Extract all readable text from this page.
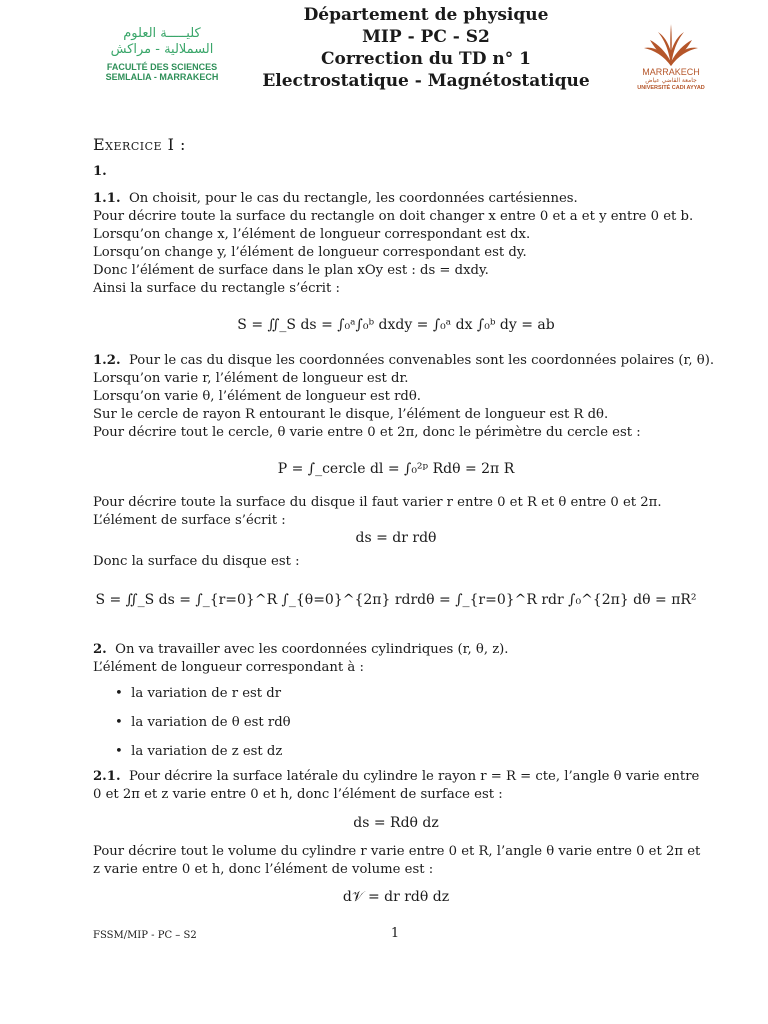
كليـــــة العلوم
السملالية - مراكش
FACULTÉ DES SCIENCES
SEMLALIA - MARRAKECH	MARRAKECH
جامعة القاضي عياض
UNIVERSITÉ CADI AYYAD
Département de physique
MIP - PC - S2
Correction du TD n° 1
Electrostatique - Magnétostatique
Exercice I :
1.
1.1. On choisit, pour le cas du rectangle, les coordonnées cartésiennes.
Pour décrire toute la surface du rectangle on doit changer x entre 0 et a et y entre 0 et b.
Lorsqu’on change x, l’élément de longueur correspondant est dx.
Lorsqu’on change y, l’élément de longueur correspondant est dy.
Donc l’élément de surface dans le plan xOy est : ds = dxdy.
Ainsi la surface du rectangle s’écrit :
S = ∬_S ds = ∫₀ᵃ∫₀ᵇ dxdy = ∫₀ᵃ dx ∫₀ᵇ dy = ab
1.2. Pour le cas du disque les coordonnées convenables sont les coordonnées polaires (r, θ).
Lorsqu’on varie r, l’élément de longueur est dr.
Lorsqu’on varie θ, l’élément de longueur est rdθ.
Sur le cercle de rayon R entourant le disque, l’élément de longueur est R dθ.
Pour décrire tout le cercle, θ varie entre 0 et 2π, donc le périmètre du cercle est :
P = ∫_cercle dl = ∫₀²ᵖ Rdθ = 2π R
Pour décrire toute la surface du disque il faut varier r entre 0 et R et θ entre 0 et 2π.
L’élément de surface s’écrit :
ds = dr rdθ
Donc la surface du disque est :
S = ∬_S ds = ∫_{r=0}^R ∫_{θ=0}^{2π} rdrdθ = ∫_{r=0}^R rdr ∫₀^{2π} dθ = πR²
2. On va travailler avec les coordonnées cylindriques (r, θ, z).
L’élément de longueur correspondant à :
•  la variation de r est dr
•  la variation de θ est rdθ
•  la variation de z est dz
2.1. Pour décrire la surface latérale du cylindre le rayon r = R = cte, l’angle θ varie entre
0 et 2π et z varie entre 0 et h, donc l’élément de surface est :
ds = Rdθ dz
Pour décrire tout le volume du cylindre r varie entre 0 et R, l’angle θ varie entre 0 et 2π et
z varie entre 0 et h, donc l’élément de volume est :
d𝒱 = dr rdθ dz
FSSM/MIP - PC – S2	1
